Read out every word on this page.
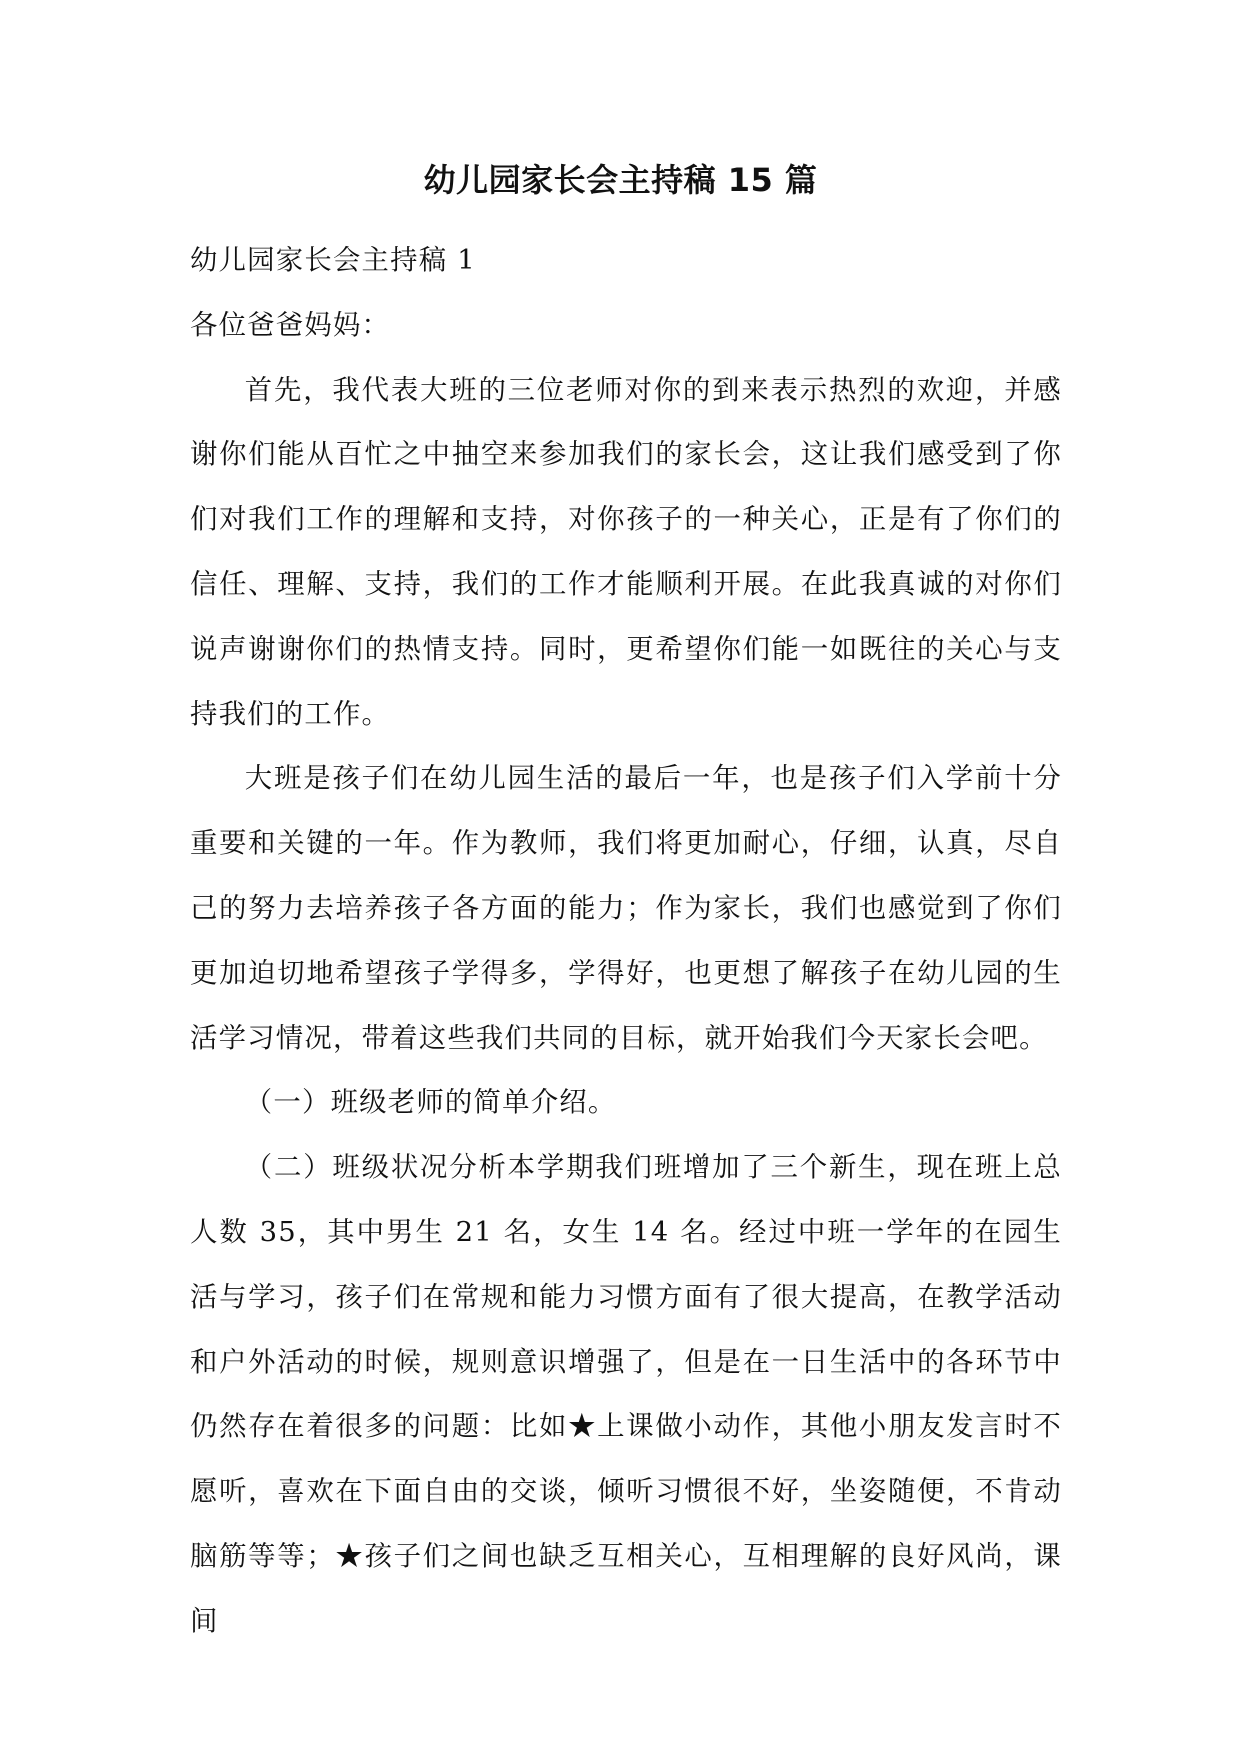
幼儿园家长会主持稿 15 篇

幼儿园家长会主持稿 1

各位爸爸妈妈：

首先，我代表大班的三位老师对你的到来表示热烈的欢迎，并感谢你们能从百忙之中抽空来参加我们的家长会，这让我们感受到了你们对我们工作的理解和支持，对你孩子的一种关心，正是有了你们的信任、理解、支持，我们的工作才能顺利开展。在此我真诚的对你们说声谢谢你们的热情支持。同时，更希望你们能一如既往的关心与支持我们的工作。

大班是孩子们在幼儿园生活的最后一年，也是孩子们入学前十分重要和关键的一年。作为教师，我们将更加耐心，仔细，认真，尽自己的努力去培养孩子各方面的能力；作为家长，我们也感觉到了你们更加迫切地希望孩子学得多，学得好，也更想了解孩子在幼儿园的生活学习情况，带着这些我们共同的目标，就开始我们今天家长会吧。

（一）班级老师的简单介绍。

（二）班级状况分析本学期我们班增加了三个新生，现在班上总人数 35，其中男生 21 名，女生 14 名。经过中班一学年的在园生活与学习，孩子们在常规和能力习惯方面有了很大提高，在教学活动和户外活动的时候，规则意识增强了，但是在一日生活中的各环节中仍然存在着很多的问题：比如★上课做小动作，其他小朋友发言时不愿听，喜欢在下面自由的交谈，倾听习惯很不好，坐姿随便，不肯动脑筋等等；★孩子们之间也缺乏互相关心，互相理解的良好风尚，课间
